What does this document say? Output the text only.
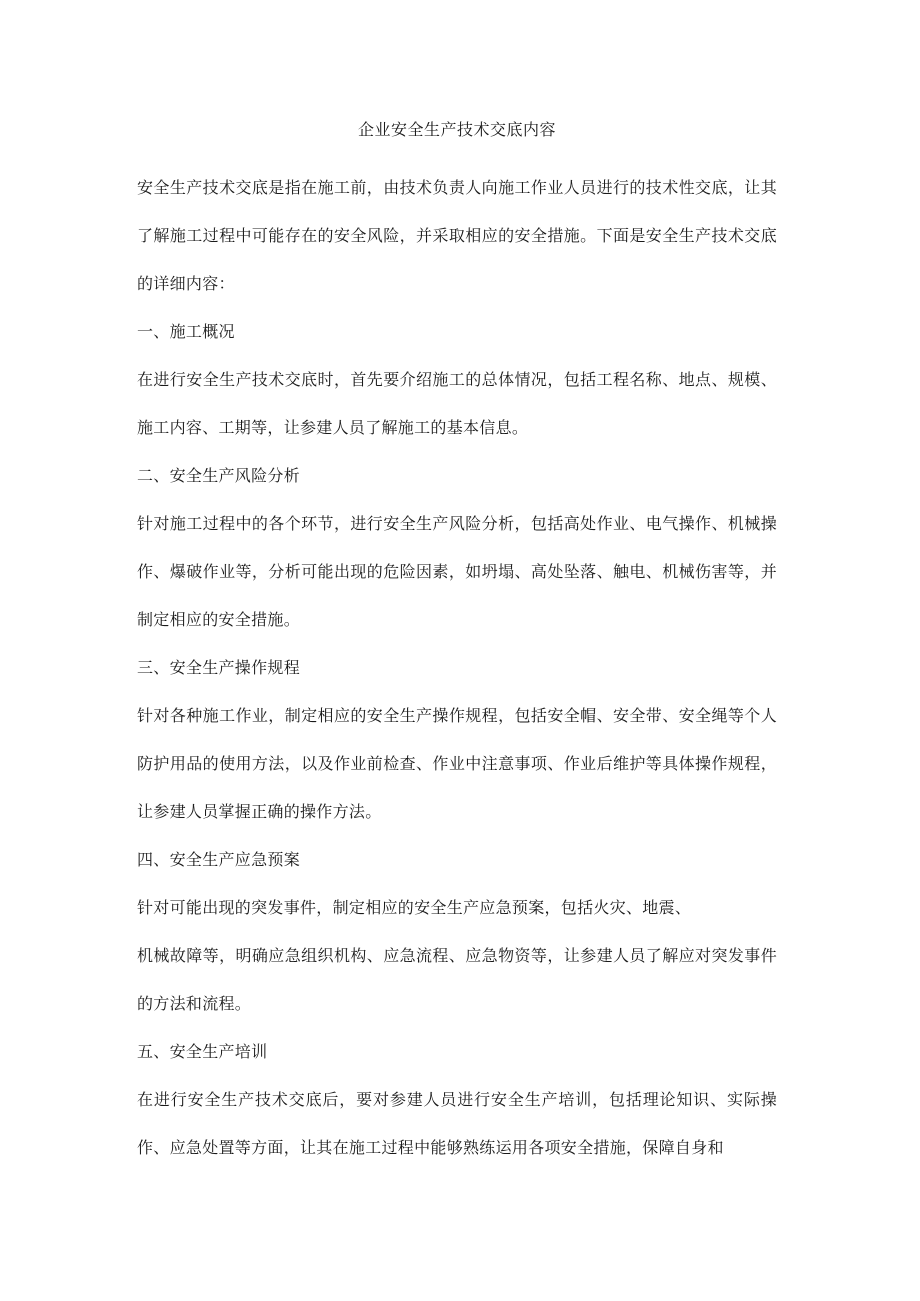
企业安全生产技术交底内容

安全生产技术交底是指在施工前，由技术负责人向施工作业人员进行的技术性交底，让其了解施工过程中可能存在的安全风险，并采取相应的安全措施。下面是安全生产技术交底的详细内容：

一、施工概况

在进行安全生产技术交底时，首先要介绍施工的总体情况，包括工程名称、地点、规模、施工内容、工期等，让参建人员了解施工的基本信息。

二、安全生产风险分析

针对施工过程中的各个环节，进行安全生产风险分析，包括高处作业、电气操作、机械操作、爆破作业等，分析可能出现的危险因素，如坍塌、高处坠落、触电、机械伤害等，并制定相应的安全措施。

三、安全生产操作规程

针对各种施工作业，制定相应的安全生产操作规程，包括安全帽、安全带、安全绳等个人防护用品的使用方法，以及作业前检查、作业中注意事项、作业后维护等具体操作规程，让参建人员掌握正确的操作方法。

四、安全生产应急预案

针对可能出现的突发事件，制定相应的安全生产应急预案，包括火灾、地震、
机械故障等，明确应急组织机构、应急流程、应急物资等，让参建人员了解应对突发事件的方法和流程。

五、安全生产培训

在进行安全生产技术交底后，要对参建人员进行安全生产培训，包括理论知识、实际操作、应急处置等方面，让其在施工过程中能够熟练运用各项安全措施，保障自身和
